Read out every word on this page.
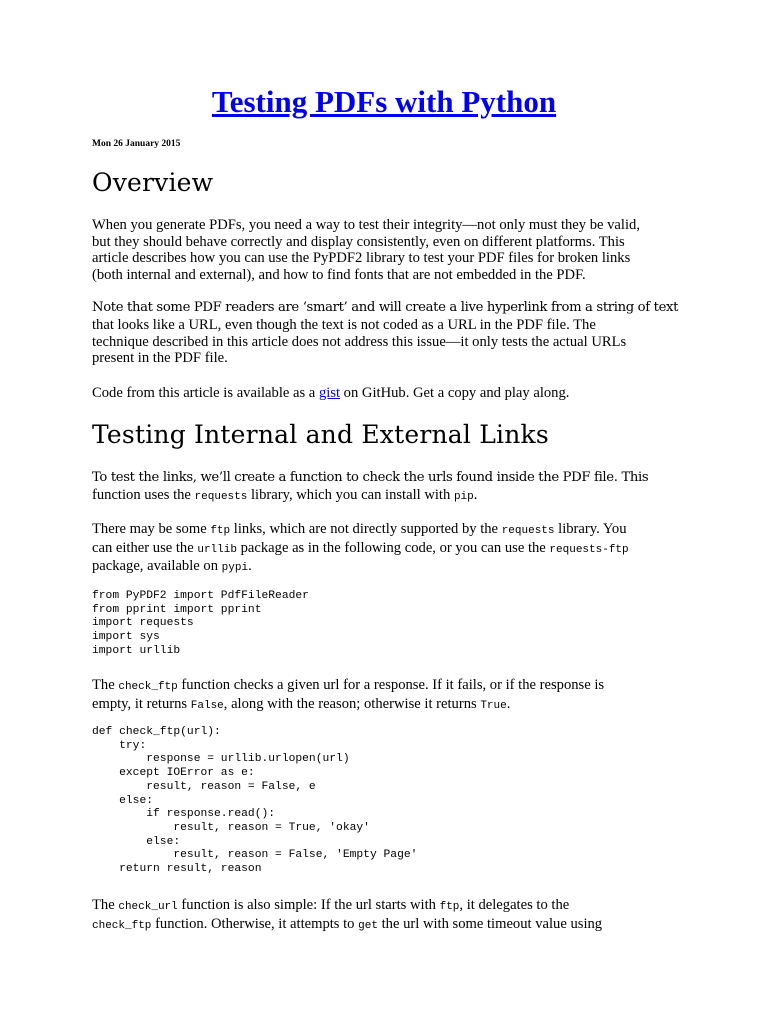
Testing PDFs with Python
Mon 26 January 2015
Overview
When you generate PDFs, you need a way to test their integrity—not only must they be valid,
but they should behave correctly and display consistently, even on different platforms. This
article describes how you can use the PyPDF2 library to test your PDF files for broken links
(both internal and external), and how to find fonts that are not embedded in the PDF.
Note that some PDF readers are ‘smart’ and will create a live hyperlink from a string of text
that looks like a URL, even though the text is not coded as a URL in the PDF file. The
technique described in this article does not address this issue—it only tests the actual URLs
present in the PDF file.
Code from this article is available as a gist on GitHub. Get a copy and play along.
Testing Internal and External Links
To test the links, we’ll create a function to check the urls found inside the PDF file. This
function uses the requests library, which you can install with pip.
There may be some ftp links, which are not directly supported by the requests library. You
can either use the urllib package as in the following code, or you can use the requests-ftp
package, available on pypi.
from PyPDF2 import PdfFileReader
from pprint import pprint
import requests
import sys
import urllib
The check_ftp function checks a given url for a response. If it fails, or if the response is
empty, it returns False, along with the reason; otherwise it returns True.
def check_ftp(url):
try:
response = urllib.urlopen(url)
except IOError as e:
result, reason = False, e
else:
if response.read():
result, reason = True, 'okay'
else:
result, reason = False, 'Empty Page'
return result, reason
The check_url function is also simple: If the url starts with ftp, it delegates to the
check_ftp function. Otherwise, it attempts to get the url with some timeout value using
